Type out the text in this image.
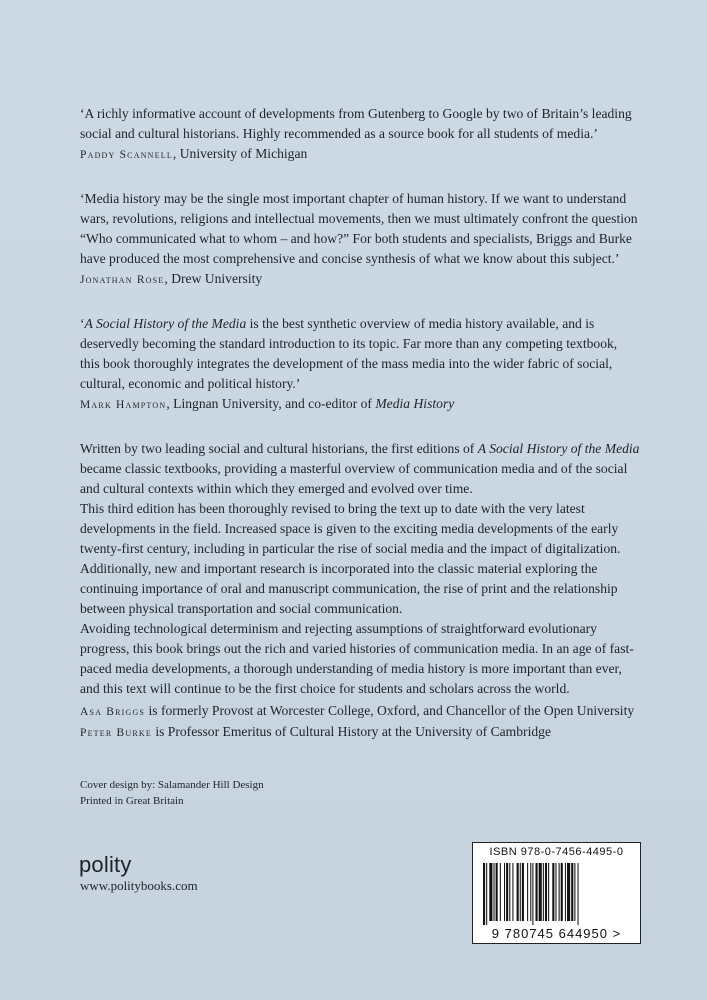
‘A richly informative account of developments from Gutenberg to Google by two of Britain’s leading social and cultural historians. Highly recommended as a source book for all students of media.’

Paddy Scannell, University of Michigan

‘Media history may be the single most important chapter of human history. If we want to understand wars, revolutions, religions and intellectual movements, then we must ultimately confront the question “Who communicated what to whom – and how?” For both students and specialists, Briggs and Burke have produced the most comprehensive and concise synthesis of what we know about this subject.’

Jonathan Rose, Drew University

‘A Social History of the Media is the best synthetic overview of media history available, and is deservedly becoming the standard introduction to its topic. Far more than any competing textbook, this book thoroughly integrates the development of the mass media into the wider fabric of social, cultural, economic and political history.’

Mark Hampton, Lingnan University, and co-editor of Media History

Written by two leading social and cultural historians, the first editions of A Social History of the Media became classic textbooks, providing a masterful overview of communication media and of the social and cultural contexts within which they emerged and evolved over time.

This third edition has been thoroughly revised to bring the text up to date with the very latest developments in the field. Increased space is given to the exciting media developments of the early twenty-first century, including in particular the rise of social media and the impact of digitalization. Additionally, new and important research is incorporated into the classic material exploring the continuing importance of oral and manuscript communication, the rise of print and the relationship between physical transportation and social communication.

Avoiding technological determinism and rejecting assumptions of straightforward evolutionary progress, this book brings out the rich and varied histories of communication media. In an age of fast-paced media developments, a thorough understanding of media history is more important than ever, and this text will continue to be the first choice for students and scholars across the world.

Asa Briggs is formerly Provost at Worcester College, Oxford, and Chancellor of the Open University

Peter Burke is Professor Emeritus of Cultural History at the University of Cambridge

Cover design by: Salamander Hill Design
Printed in Great Britain
polity
www.politybooks.com
ISBN 978-0-7456-4495-0
9 780745 644950 >
